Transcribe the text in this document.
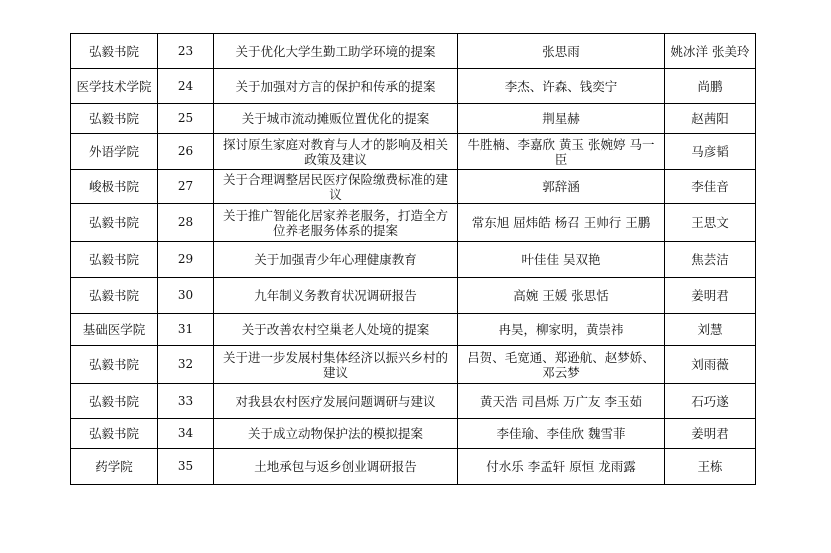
弘毅书院	23	关于优化大学生勤工助学环境的提案	张思雨	姚冰洋 张美玲
医学技术学院	24	关于加强对方言的保护和传承的提案	李杰、许森、钱奕宁	尚鹏
弘毅书院	25	关于城市流动摊贩位置优化的提案	荆星赫	赵茜阳
外语学院	26	探讨原生家庭对教育与人才的影响及相关政策及建议	牛胜楠、李嘉欣 黄玉 张婉婷 马一臣	马彦韬
峻极书院	27	关于合理调整居民医疗保险缴费标准的建议	郭辞涵	李佳音
弘毅书院	28	关于推广智能化居家养老服务，打造全方位养老服务体系的提案	常东旭 屈炜皓 杨召 王帅行 王鹏	王思文
弘毅书院	29	关于加强青少年心理健康教育	叶佳佳 吴双艳	焦芸洁
弘毅书院	30	九年制义务教育状况调研报告	高婉 王媛 张思恬	姜明君
基础医学院	31	关于改善农村空巢老人处境的提案	冉昊，柳家明，黄崇祎	刘慧
弘毅书院	32	关于进一步发展村集体经济以振兴乡村的建议	吕贺、毛宽通、郑逊航、赵梦娇、邓云梦	刘雨薇
弘毅书院	33	对我县农村医疗发展问题调研与建议	黄天浩 司昌烁 万广友 李玉茹	石巧遂
弘毅书院	34	关于成立动物保护法的模拟提案	李佳瑜、李佳欣 魏雪菲	姜明君
药学院	35	土地承包与返乡创业调研报告	付水乐 李孟轩 原恒 龙雨露	王栋
